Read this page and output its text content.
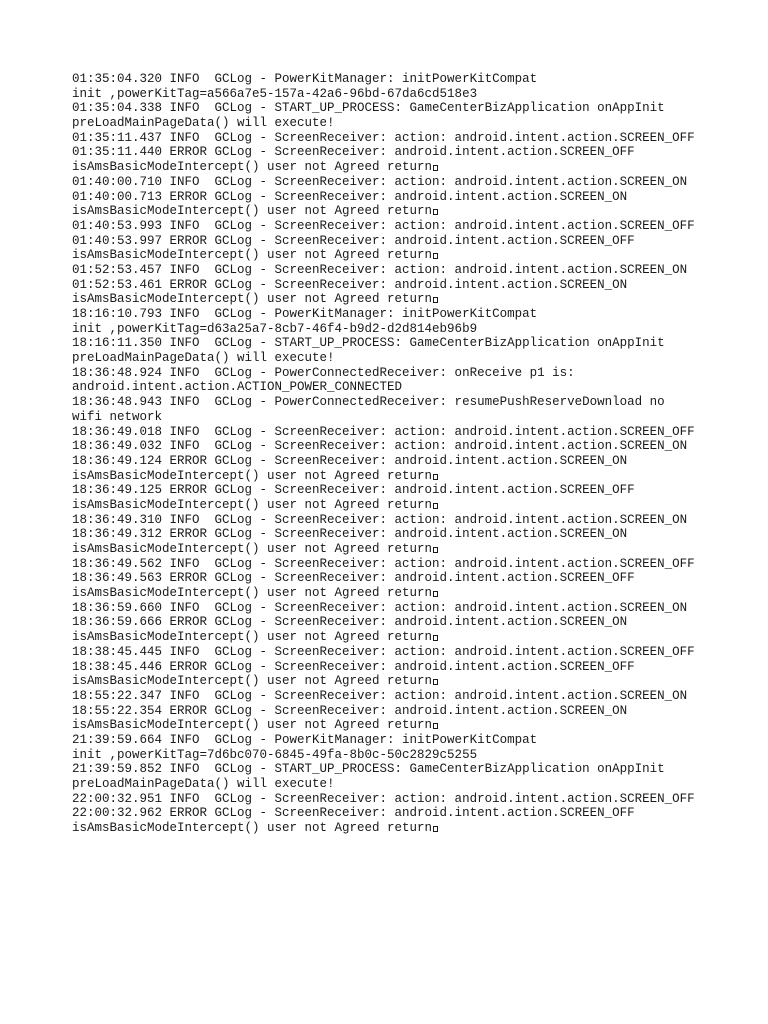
01:35:04.320 INFO  GCLog - PowerKitManager: initPowerKitCompat

init ,powerKitTag=a566a7e5-157a-42a6-96bd-67da6cd518e3

01:35:04.338 INFO  GCLog - START_UP_PROCESS: GameCenterBizApplication onAppInit

preLoadMainPageData() will execute!

01:35:11.437 INFO  GCLog - ScreenReceiver: action: android.intent.action.SCREEN_OFF

01:35:11.440 ERROR GCLog - ScreenReceiver: android.intent.action.SCREEN_OFF

isAmsBasicModeIntercept() user not Agreed return

01:40:00.710 INFO  GCLog - ScreenReceiver: action: android.intent.action.SCREEN_ON

01:40:00.713 ERROR GCLog - ScreenReceiver: android.intent.action.SCREEN_ON

isAmsBasicModeIntercept() user not Agreed return

01:40:53.993 INFO  GCLog - ScreenReceiver: action: android.intent.action.SCREEN_OFF

01:40:53.997 ERROR GCLog - ScreenReceiver: android.intent.action.SCREEN_OFF

isAmsBasicModeIntercept() user not Agreed return

01:52:53.457 INFO  GCLog - ScreenReceiver: action: android.intent.action.SCREEN_ON

01:52:53.461 ERROR GCLog - ScreenReceiver: android.intent.action.SCREEN_ON

isAmsBasicModeIntercept() user not Agreed return

18:16:10.793 INFO  GCLog - PowerKitManager: initPowerKitCompat

init ,powerKitTag=d63a25a7-8cb7-46f4-b9d2-d2d814eb96b9

18:16:11.350 INFO  GCLog - START_UP_PROCESS: GameCenterBizApplication onAppInit

preLoadMainPageData() will execute!

18:36:48.924 INFO  GCLog - PowerConnectedReceiver: onReceive p1 is:

android.intent.action.ACTION_POWER_CONNECTED

18:36:48.943 INFO  GCLog - PowerConnectedReceiver: resumePushReserveDownload no

wifi network

18:36:49.018 INFO  GCLog - ScreenReceiver: action: android.intent.action.SCREEN_OFF

18:36:49.032 INFO  GCLog - ScreenReceiver: action: android.intent.action.SCREEN_ON

18:36:49.124 ERROR GCLog - ScreenReceiver: android.intent.action.SCREEN_ON

isAmsBasicModeIntercept() user not Agreed return

18:36:49.125 ERROR GCLog - ScreenReceiver: android.intent.action.SCREEN_OFF

isAmsBasicModeIntercept() user not Agreed return

18:36:49.310 INFO  GCLog - ScreenReceiver: action: android.intent.action.SCREEN_ON

18:36:49.312 ERROR GCLog - ScreenReceiver: android.intent.action.SCREEN_ON

isAmsBasicModeIntercept() user not Agreed return

18:36:49.562 INFO  GCLog - ScreenReceiver: action: android.intent.action.SCREEN_OFF

18:36:49.563 ERROR GCLog - ScreenReceiver: android.intent.action.SCREEN_OFF

isAmsBasicModeIntercept() user not Agreed return

18:36:59.660 INFO  GCLog - ScreenReceiver: action: android.intent.action.SCREEN_ON

18:36:59.666 ERROR GCLog - ScreenReceiver: android.intent.action.SCREEN_ON

isAmsBasicModeIntercept() user not Agreed return

18:38:45.445 INFO  GCLog - ScreenReceiver: action: android.intent.action.SCREEN_OFF

18:38:45.446 ERROR GCLog - ScreenReceiver: android.intent.action.SCREEN_OFF

isAmsBasicModeIntercept() user not Agreed return

18:55:22.347 INFO  GCLog - ScreenReceiver: action: android.intent.action.SCREEN_ON

18:55:22.354 ERROR GCLog - ScreenReceiver: android.intent.action.SCREEN_ON

isAmsBasicModeIntercept() user not Agreed return

21:39:59.664 INFO  GCLog - PowerKitManager: initPowerKitCompat

init ,powerKitTag=7d6bc070-6845-49fa-8b0c-50c2829c5255

21:39:59.852 INFO  GCLog - START_UP_PROCESS: GameCenterBizApplication onAppInit

preLoadMainPageData() will execute!

22:00:32.951 INFO  GCLog - ScreenReceiver: action: android.intent.action.SCREEN_OFF

22:00:32.962 ERROR GCLog - ScreenReceiver: android.intent.action.SCREEN_OFF

isAmsBasicModeIntercept() user not Agreed return
